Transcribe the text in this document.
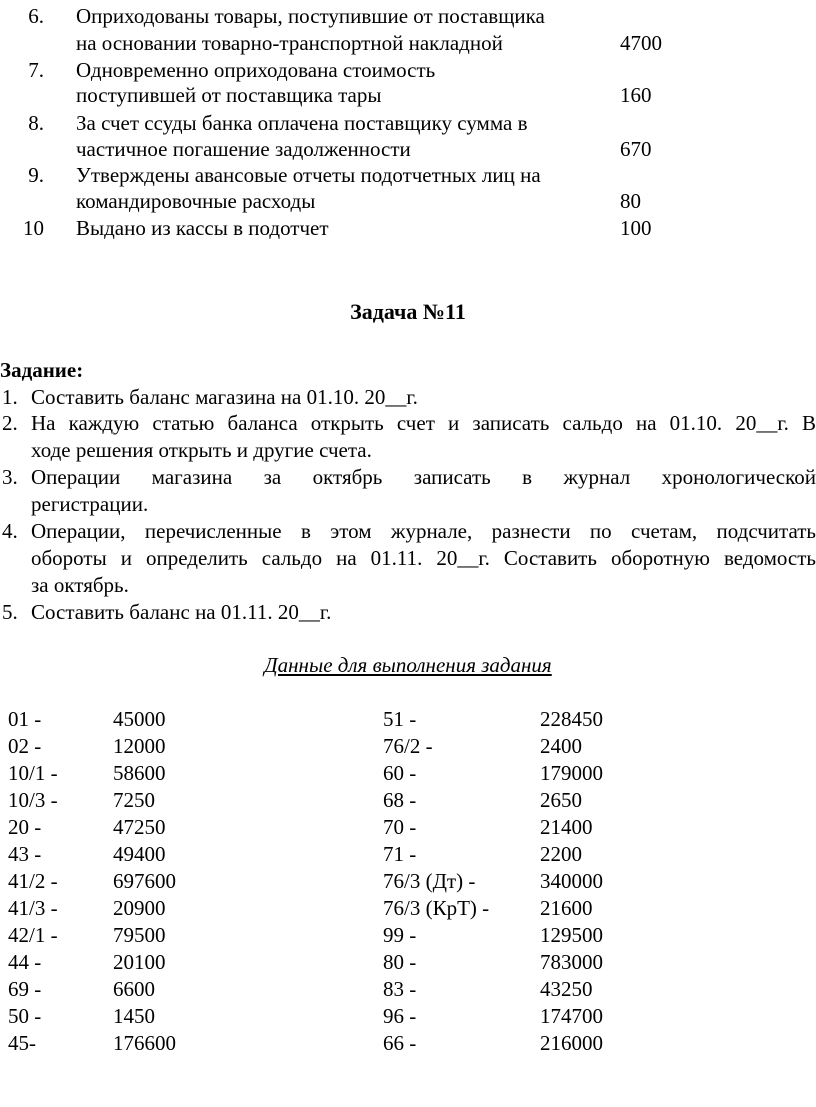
6. Оприходованы товары, поступившие от поставщика
на основании товарно-транспортной накладной	4700
7. Одновременно оприходована стоимость
поступившей от поставщика тары	160
8. За счет ссуды банка оплачена поставщику сумма в
частичное погашение задолженности	670
9. Утверждены авансовые отчеты подотчетных лиц на
командировочные расходы	80
10 Выдано из кассы в подотчет	100
Задача №11
Задание:
1. Составить баланс магазина на 01.10. 20__г.
2. На каждую статью баланса открыть счет и записать сальдо на 01.10. 20__г. В
ходе решения открыть и другие счета.
3. Операции магазина за октябрь записать в журнал хронологической
регистрации.
4. Операции, перечисленные в этом журнале, разнести по счетам, подсчитать
обороты и определить сальдо на 01.11. 20__г. Составить оборотную ведомость
за октябрь.
5. Составить баланс на 01.11. 20__г.
Данные для выполнения задания
01 -	45000	51 -	228450
02 -	12000	76/2 -	2400
10/1 -	58600	60 -	179000
10/3 -	7250	68 -	2650
20 -	47250	70 -	21400
43 -	49400	71 -	2200
41/2 -	697600	76/3 (Дт) -	340000
41/3 -	20900	76/3 (КрТ) - 21600
42/1 -	79500	99 -	129500
44 -	20100	80 -	783000
69 -	6600	83 -	43250
50 -	1450	96 -	174700
45-	176600	66 -	216000
